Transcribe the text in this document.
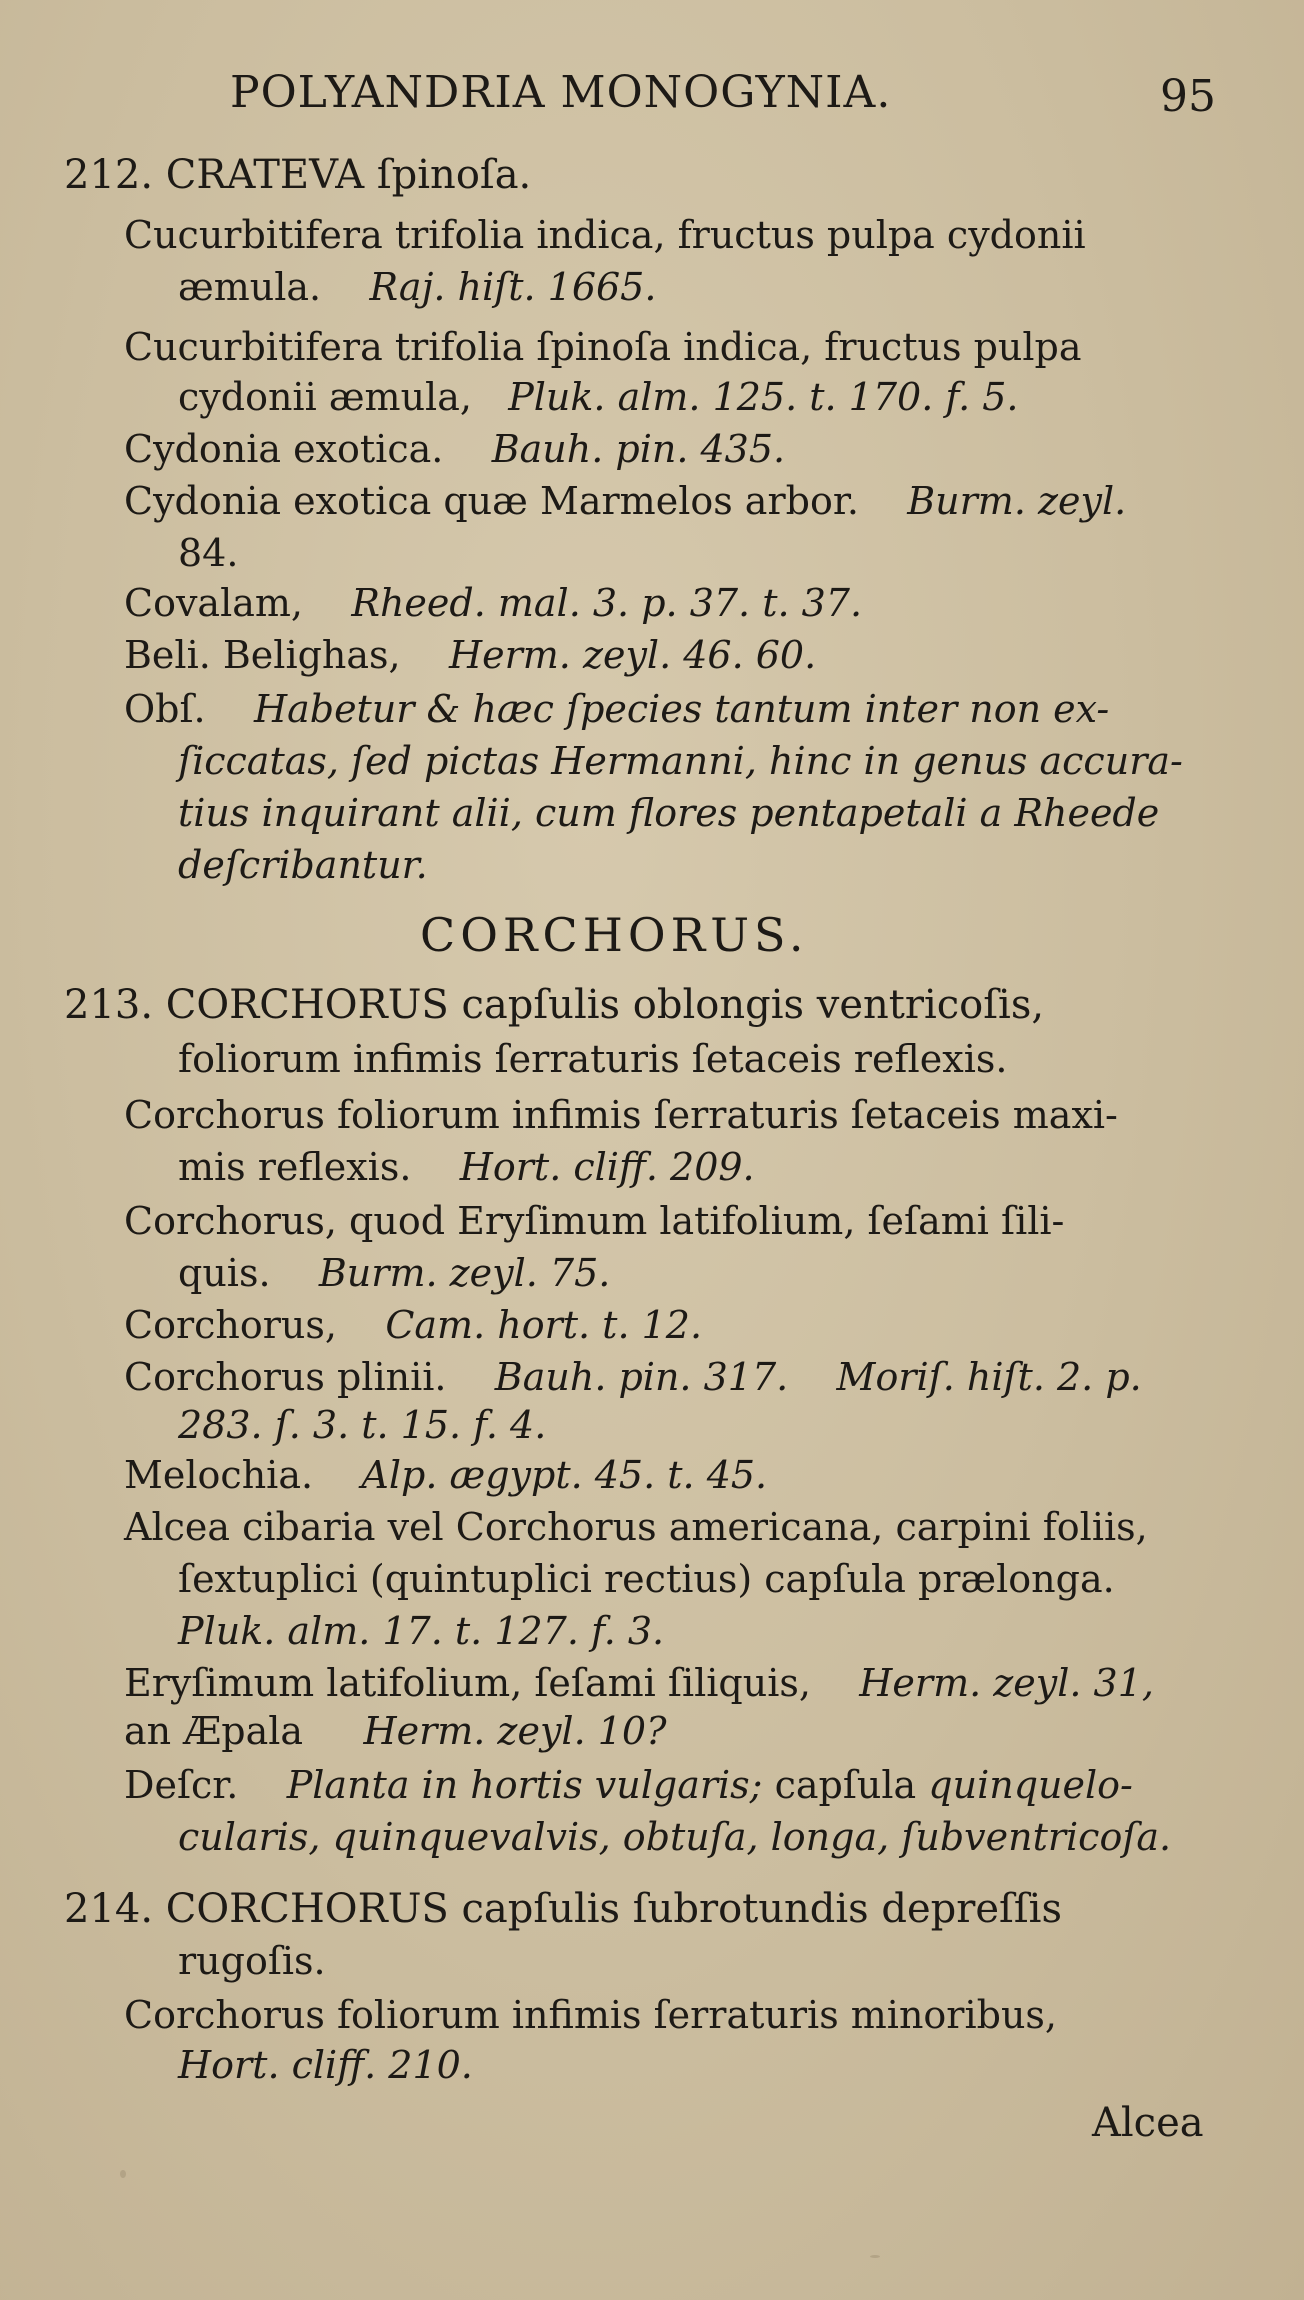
POLYANDRIA MONOGYNIA.	95
212. CRATEVA ſpinoſa.
Cucurbitifera trifolia indica, fructus pulpa cydonii
æmula. Raj. hiſt. 1665.
Cucurbitifera trifolia ſpinoſa indica, fructus pulpa
cydonii æmula, Pluk. alm. 125. t. 170. f. 5.
Cydonia exotica. Bauh. pin. 435.
Cydonia exotica quæ Marmelos arbor. Burm. zeyl.
84.
Covalam, Rheed. mal. 3. p. 37. t. 37.
Beli. Belighas, Herm. zeyl. 46. 60.
Obſ. Habetur & hæc ſpecies tantum inter non ex-
ſiccatas, ſed pictas Hermanni, hinc in genus accura-
tius inquirant alii, cum flores pentapetali a Rheede
deſcribantur.
CORCHORUS.
213. CORCHORUS capſulis oblongis ventricoſis,
foliorum infimis ſerraturis ſetaceis reflexis.
Corchorus foliorum infimis ſerraturis ſetaceis maxi-
mis reflexis. Hort. cliff. 209.
Corchorus, quod Eryſimum latifolium, ſeſami ſili-
quis. Burm. zeyl. 75.
Corchorus, Cam. hort. t. 12.
Corchorus plinii. Bauh. pin. 317. Moriſ. hiſt. 2. p.
283. ſ. 3. t. 15. f. 4.
Melochia. Alp. ægypt. 45. t. 45.
Alcea cibaria vel Corchorus americana, carpini foliis,
ſextuplici (quintuplici rectius) capſula prælonga.
Pluk. alm. 17. t. 127. f. 3.
Eryſimum latifolium, ſeſami ſiliquis, Herm. zeyl. 31,
an Æpala Herm. zeyl. 10?
Deſcr. Planta in hortis vulgaris; capſula quinquelo-
cularis, quinquevalvis, obtuſa, longa, ſubventricoſa.
214. CORCHORUS capſulis ſubrotundis depreſſis
rugoſis.
Corchorus foliorum infimis ſerraturis minoribus,
Hort. cliff. 210.
Alcea
